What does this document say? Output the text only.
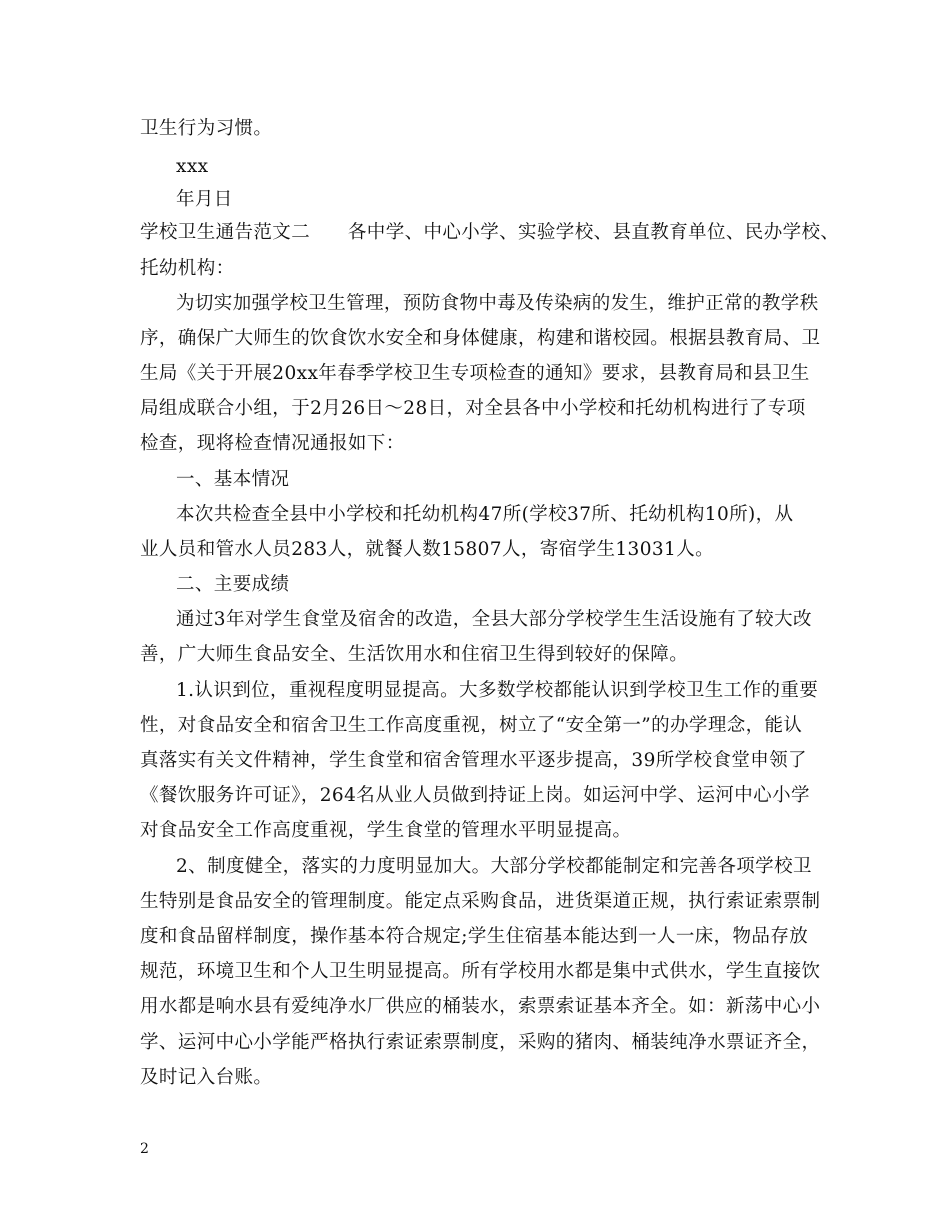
卫生行为习惯。
xxx
年月日
学校卫生通告范文二　　各中学、中心小学、实验学校、县直教育单位、民办学校、
托幼机构：
为切实加强学校卫生管理，预防食物中毒及传染病的发生，维护正常的教学秩
序，确保广大师生的饮食饮水安全和身体健康，构建和谐校园。根据县教育局、卫
生局《关于开展20xx年春季学校卫生专项检查的通知》要求，县教育局和县卫生
局组成联合小组，于2月26日～28日，对全县各中小学校和托幼机构进行了专项
检查，现将检查情况通报如下：
一、基本情况
本次共检查全县中小学校和托幼机构47所(学校37所、托幼机构10所)，从
业人员和管水人员283人，就餐人数15807人，寄宿学生13031人。
二、主要成绩
通过3年对学生食堂及宿舍的改造，全县大部分学校学生生活设施有了较大改
善，广大师生食品安全、生活饮用水和住宿卫生得到较好的保障。
1.认识到位，重视程度明显提高。大多数学校都能认识到学校卫生工作的重要
性，对食品安全和宿舍卫生工作高度重视，树立了“安全第一”的办学理念，能认
真落实有关文件精神，学生食堂和宿舍管理水平逐步提高，39所学校食堂申领了
《餐饮服务许可证》，264名从业人员做到持证上岗。如运河中学、运河中心小学
对食品安全工作高度重视，学生食堂的管理水平明显提高。
2、制度健全，落实的力度明显加大。大部分学校都能制定和完善各项学校卫
生特别是食品安全的管理制度。能定点采购食品，进货渠道正规，执行索证索票制
度和食品留样制度，操作基本符合规定;学生住宿基本能达到一人一床，物品存放
规范，环境卫生和个人卫生明显提高。所有学校用水都是集中式供水，学生直接饮
用水都是响水县有爱纯净水厂供应的桶装水，索票索证基本齐全。如：新荡中心小
学、运河中心小学能严格执行索证索票制度，采购的猪肉、桶装纯净水票证齐全，
及时记入台账。
2
